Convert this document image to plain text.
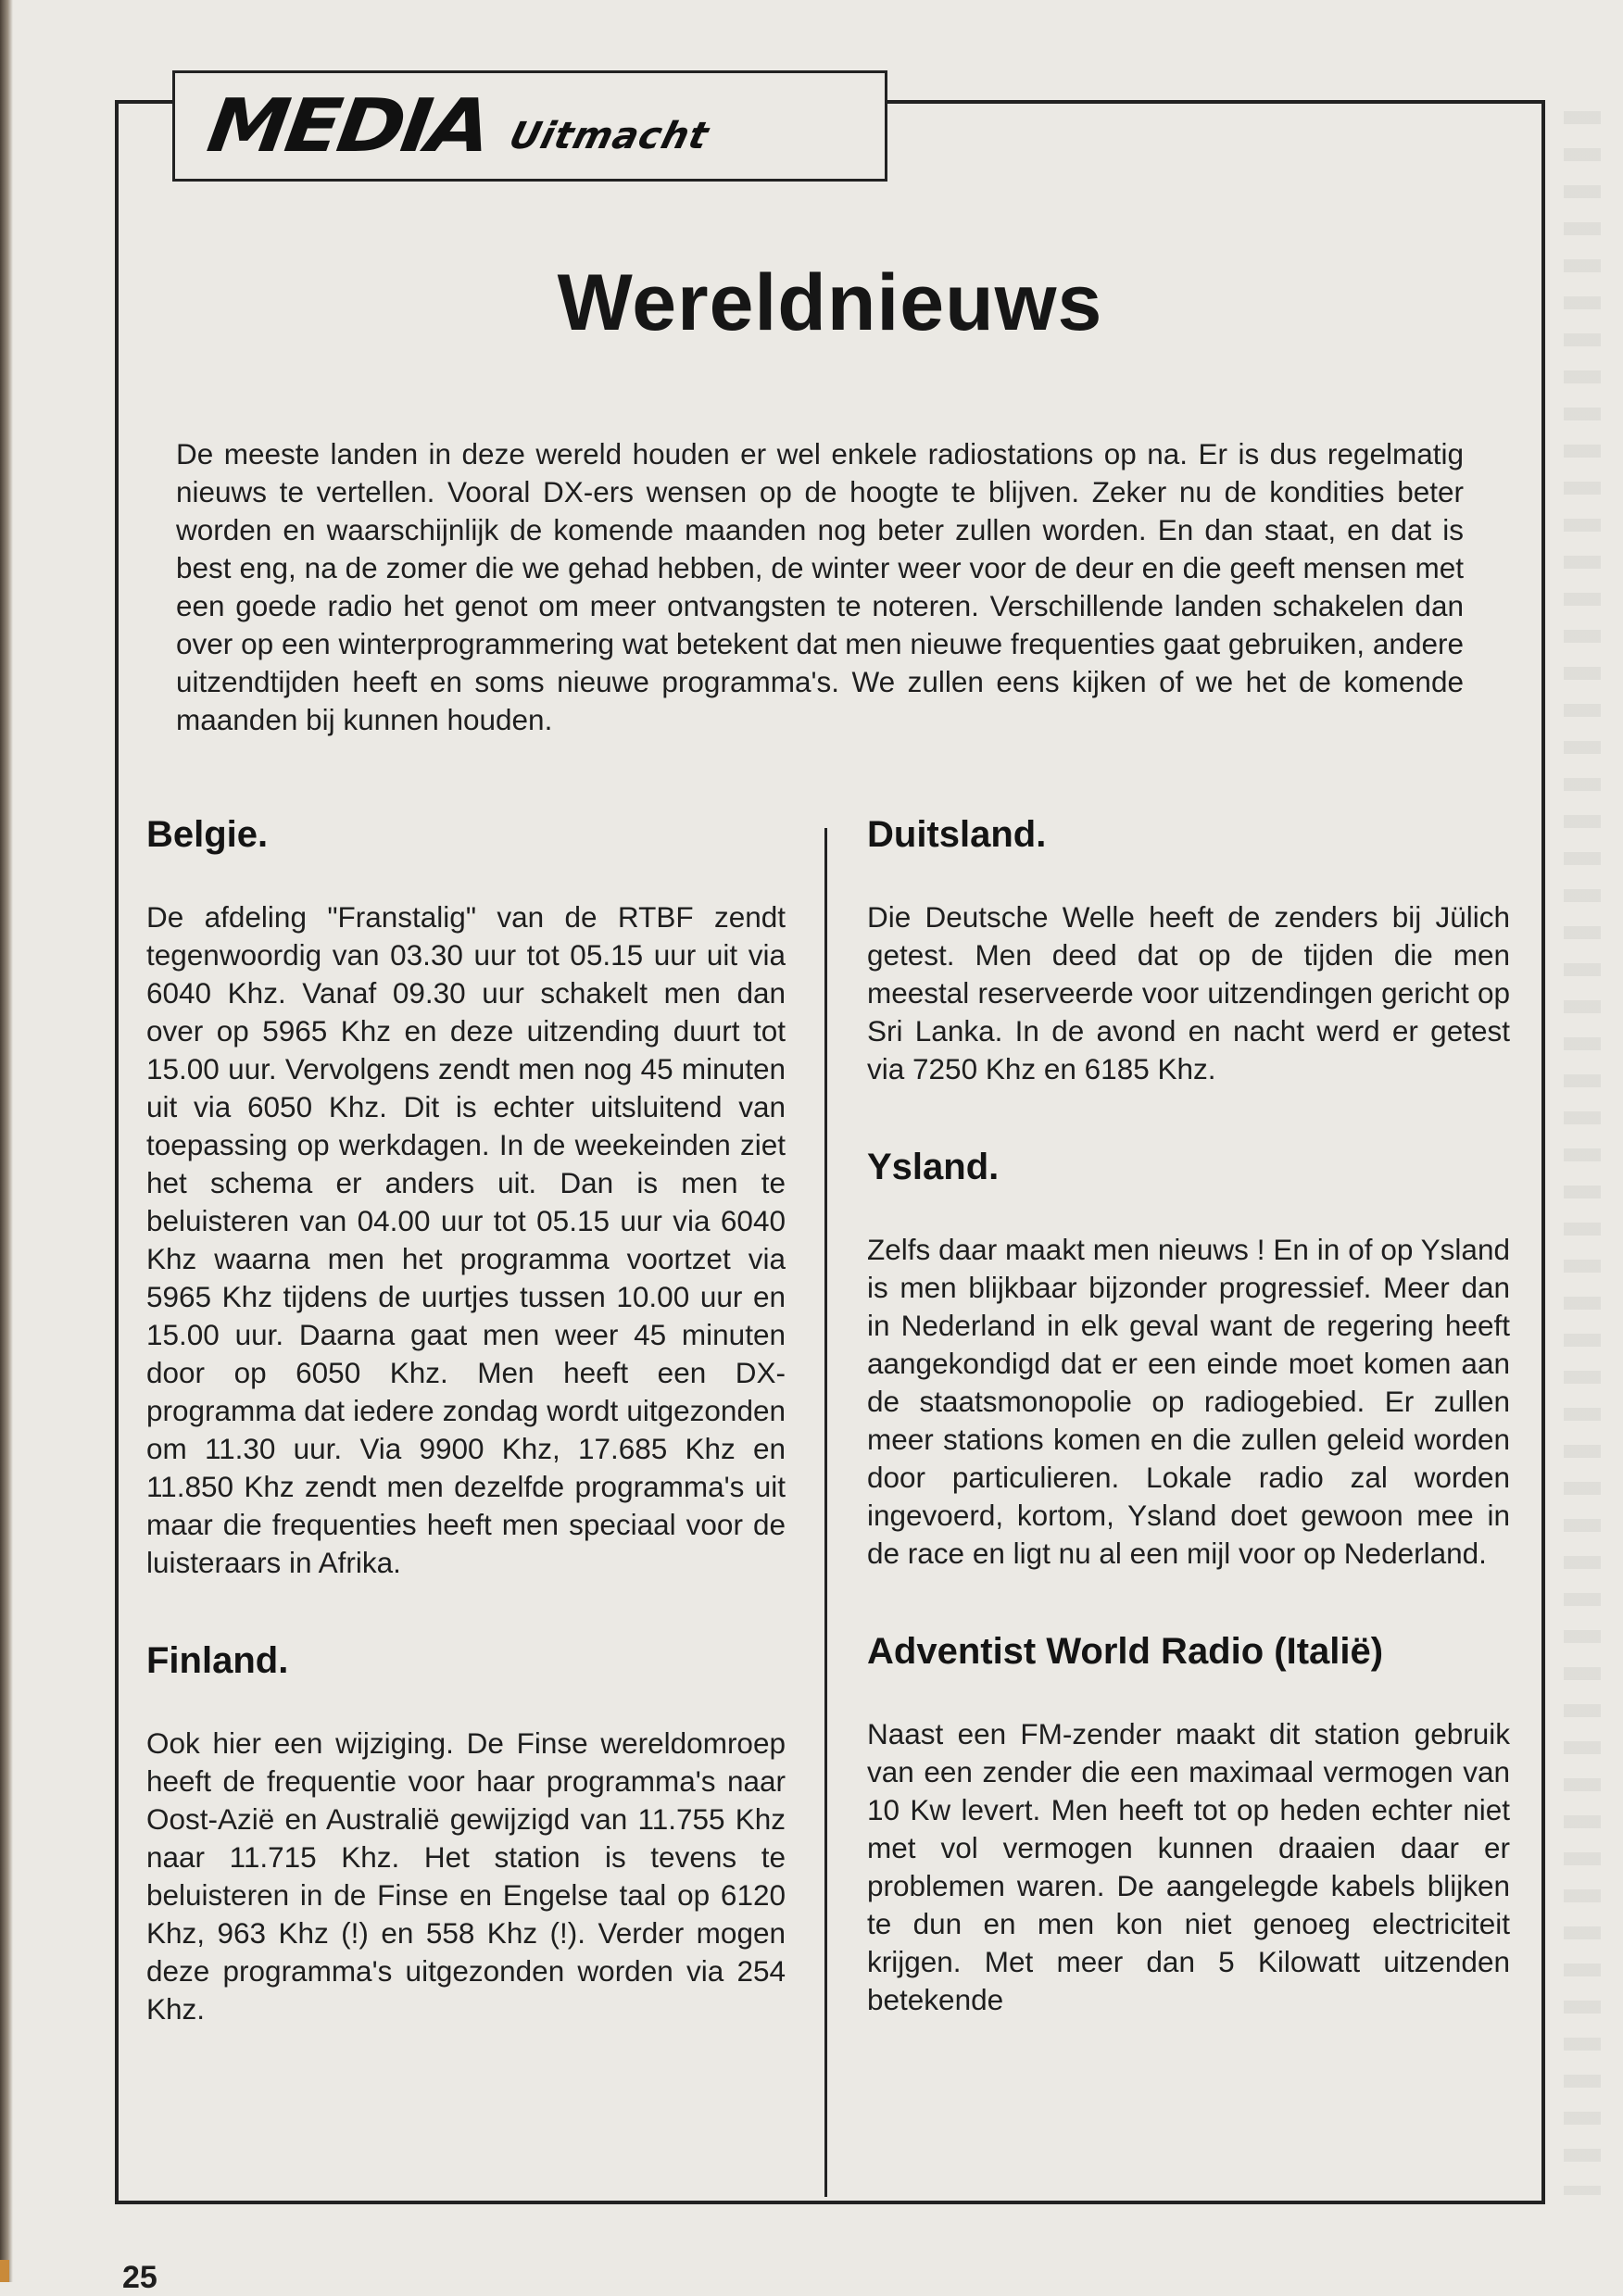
MEDIA Uitmacht
Wereldnieuws

De meeste landen in deze wereld houden er wel enkele radiostations op na. Er is dus regelmatig nieuws te vertellen. Vooral DX-ers wensen op de hoogte te blijven. Zeker nu de kondities beter worden en waarschijnlijk de komende maanden nog beter zullen worden. En dan staat, en dat is best eng, na de zomer die we gehad hebben, de winter weer voor de deur en die geeft mensen met een goede radio het genot om meer ontvangsten te noteren. Verschillende landen schakelen dan over op een winterprogrammering wat betekent dat men nieuwe frequenties gaat gebruiken, andere uitzendtijden heeft en soms nieuwe programma's. We zullen eens kijken of we het de komende maanden bij kunnen houden.

Belgie.

De afdeling "Franstalig" van de RTBF zendt tegenwoordig van 03.30 uur tot 05.15 uur uit via 6040 Khz. Vanaf 09.30 uur schakelt men dan over op 5965 Khz en deze uitzending duurt tot 15.00 uur. Vervolgens zendt men nog 45 minuten uit via 6050 Khz. Dit is echter uitsluitend van toepassing op werkdagen. In de weekeinden ziet het schema er anders uit. Dan is men te beluisteren van 04.00 uur tot 05.15 uur via 6040 Khz waarna men het programma voortzet via 5965 Khz tijdens de uurtjes tussen 10.00 uur en 15.00 uur. Daarna gaat men weer 45 minuten door op 6050 Khz. Men heeft een DX-programma dat iedere zondag wordt uitgezonden om 11.30 uur. Via 9900 Khz, 17.685 Khz en 11.850 Khz zendt men dezelfde programma's uit maar die frequenties heeft men speciaal voor de luisteraars in Afrika.

Finland.

Ook hier een wijziging. De Finse wereldomroep heeft de frequentie voor haar programma's naar Oost-Azië en Australië gewijzigd van 11.755 Khz naar 11.715 Khz. Het station is tevens te beluisteren in de Finse en Engelse taal op 6120 Khz, 963 Khz (!) en 558 Khz (!). Verder mogen deze programma's uitgezonden worden via 254 Khz.

Duitsland.

Die Deutsche Welle heeft de zenders bij Jülich getest. Men deed dat op de tijden die men meestal reserveerde voor uitzendingen gericht op Sri Lanka. In de avond en nacht werd er getest via 7250 Khz en 6185 Khz.

Ysland.

Zelfs daar maakt men nieuws ! En in of op Ysland is men blijkbaar bijzonder progressief. Meer dan in Nederland in elk geval want de regering heeft aangekondigd dat er een einde moet komen aan de staatsmonopolie op radiogebied. Er zullen meer stations komen en die zullen geleid worden door particulieren. Lokale radio zal worden ingevoerd, kortom, Ysland doet gewoon mee in de race en ligt nu al een mijl voor op Nederland.

Adventist World Radio (Italië)

Naast een FM-zender maakt dit station gebruik van een zender die een maximaal vermogen van 10 Kw levert. Men heeft tot op heden echter niet met vol vermogen kunnen draaien daar er problemen waren. De aangelegde kabels blijken te dun en men kon niet genoeg electriciteit krijgen. Met meer dan 5 Kilowatt uitzenden betekende

25
